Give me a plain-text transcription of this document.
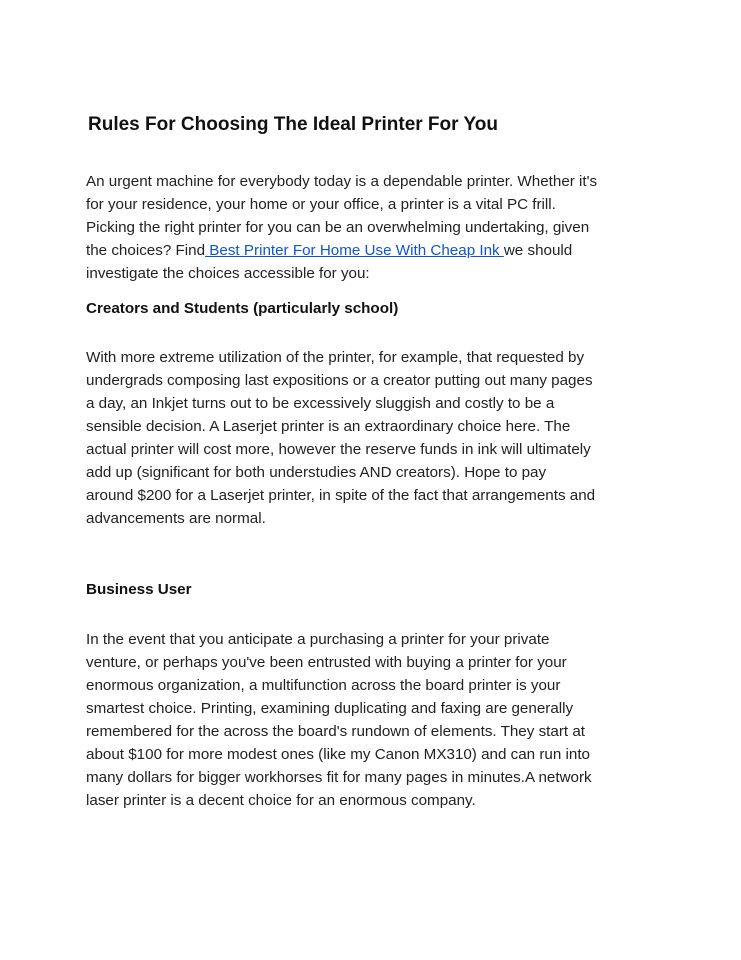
Rules For Choosing The Ideal Printer For You

An urgent machine for everybody today is a dependable printer. Whether it's
for your residence, your home or your office, a printer is a vital PC frill.
Picking the right printer for you can be an overwhelming undertaking, given
the choices? Find Best Printer For Home Use With Cheap Ink we should
investigate the choices accessible for you:

Creators and Students (particularly school)

With more extreme utilization of the printer, for example, that requested by
undergrads composing last expositions or a creator putting out many pages
a day, an Inkjet turns out to be excessively sluggish and costly to be a
sensible decision. A Laserjet printer is an extraordinary choice here. The
actual printer will cost more, however the reserve funds in ink will ultimately
add up (significant for both understudies AND creators). Hope to pay
around $200 for a Laserjet printer, in spite of the fact that arrangements and
advancements are normal.

Business User

In the event that you anticipate a purchasing a printer for your private
venture, or perhaps you've been entrusted with buying a printer for your
enormous organization, a multifunction across the board printer is your
smartest choice. Printing, examining duplicating and faxing are generally
remembered for the across the board's rundown of elements. They start at
about $100 for more modest ones (like my Canon MX310) and can run into
many dollars for bigger workhorses fit for many pages in minutes.A network
laser printer is a decent choice for an enormous company.
